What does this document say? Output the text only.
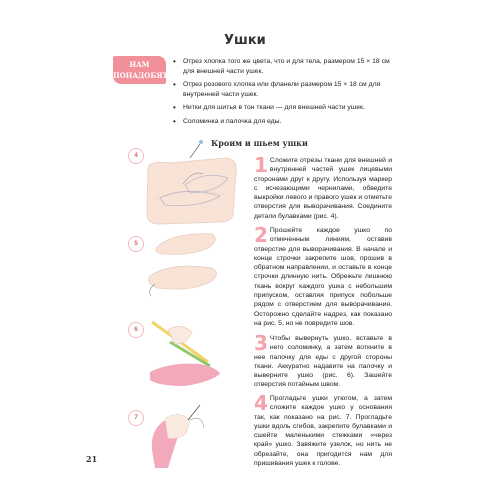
Ушки
НАМ
ПОНАДОБЯТСЯ
• Отрез хлопка того же цвета, что и для тела, размером 15 × 18 см для внешней части ушек.
• Отрез розового хлопка или фланели размером 15 × 18 см для внутренней части ушек.
• Нитки для шитья в тон ткани — для внешней части ушек.
• Соломинка и палочка для еды.
Кроим и шьем ушки
4
5
6
7
1 Сложите отрезы ткани для внешней и внутренней частей ушек лицевыми сторонами друг к другу. Используя маркер с исчезающими чернилами, обведите выкройки левого и правого ушек и отметьте отверстия для выворачивания. Соедините детали булавками (рис. 4).
2 Прошейте каждое ушко по отмеченным линиям, оставив отверстие для выворачивания. В начале и конце строчки закрепите шов, прошив в обратном направлении, и оставьте в конце строчки длинную нить. Обрежьте лишнюю ткань вокруг каждого ушка с небольшим припуском, оставляя припуск побольше рядом с отверстием для выворачивания. Осторожно сделайте надрез, как показано на рис. 5, но не повредите шов.
3 Чтобы вывернуть ушко, вставьте в него соломинку, а затем воткните в нее палочку для еды с другой стороны ткани. Аккуратно надавите на палочку и выверните ушко (рис. 6). Зашейте отверстия потайным швом.
4 Прогладьте ушки утюгом, а затем сложите каждое ушко у основания так, как показано на рис. 7. Прогладьте ушки вдоль сгибов, закрепите булавками и сшейте маленькими стежками «через край» ушко. Завяжите узелок, но нить не обрезайте, она пригодится нам для пришивания ушек к голове.
21
